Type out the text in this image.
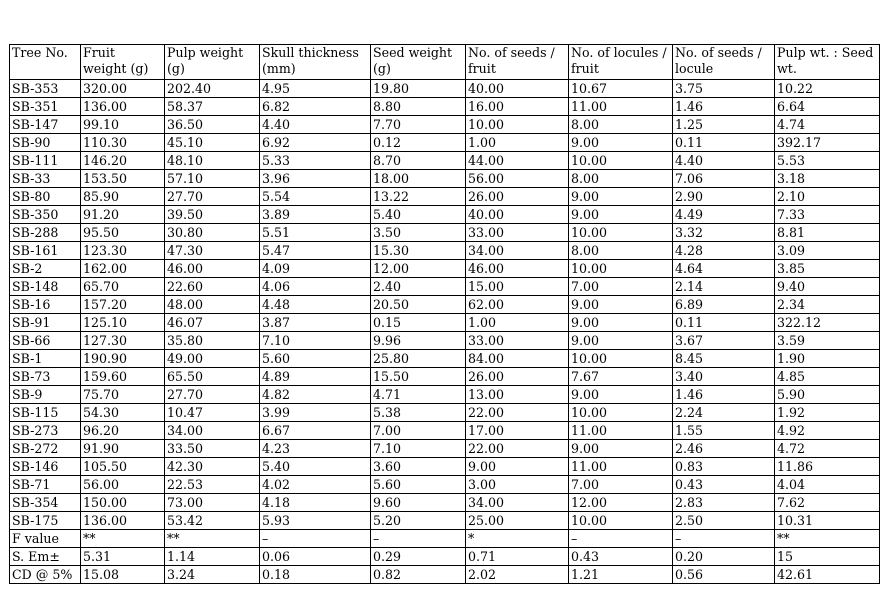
Tree No.	Fruit weight (g)	Pulp weight (g)	Skull thickness (mm)	Seed weight (g)	No. of seeds / fruit	No. of locules / fruit	No. of seeds / locule	Pulp wt. : Seed wt.
SB-353	320.00	202.40	4.95	19.80	40.00	10.67	3.75	10.22
SB-351	136.00	58.37	6.82	8.80	16.00	11.00	1.46	6.64
SB-147	99.10	36.50	4.40	7.70	10.00	8.00	1.25	4.74
SB-90	110.30	45.10	6.92	0.12	1.00	9.00	0.11	392.17
SB-111	146.20	48.10	5.33	8.70	44.00	10.00	4.40	5.53
SB-33	153.50	57.10	3.96	18.00	56.00	8.00	7.06	3.18
SB-80	85.90	27.70	5.54	13.22	26.00	9.00	2.90	2.10
SB-350	91.20	39.50	3.89	5.40	40.00	9.00	4.49	7.33
SB-288	95.50	30.80	5.51	3.50	33.00	10.00	3.32	8.81
SB-161	123.30	47.30	5.47	15.30	34.00	8.00	4.28	3.09
SB-2	162.00	46.00	4.09	12.00	46.00	10.00	4.64	3.85
SB-148	65.70	22.60	4.06	2.40	15.00	7.00	2.14	9.40
SB-16	157.20	48.00	4.48	20.50	62.00	9.00	6.89	2.34
SB-91	125.10	46.07	3.87	0.15	1.00	9.00	0.11	322.12
SB-66	127.30	35.80	7.10	9.96	33.00	9.00	3.67	3.59
SB-1	190.90	49.00	5.60	25.80	84.00	10.00	8.45	1.90
SB-73	159.60	65.50	4.89	15.50	26.00	7.67	3.40	4.85
SB-9	75.70	27.70	4.82	4.71	13.00	9.00	1.46	5.90
SB-115	54.30	10.47	3.99	5.38	22.00	10.00	2.24	1.92
SB-273	96.20	34.00	6.67	7.00	17.00	11.00	1.55	4.92
SB-272	91.90	33.50	4.23	7.10	22.00	9.00	2.46	4.72
SB-146	105.50	42.30	5.40	3.60	9.00	11.00	0.83	11.86
SB-71	56.00	22.53	4.02	5.60	3.00	7.00	0.43	4.04
SB-354	150.00	73.00	4.18	9.60	34.00	12.00	2.83	7.62
SB-175	136.00	53.42	5.93	5.20	25.00	10.00	2.50	10.31
F value	**	**	–	–	*	–	–	**
S. Em±	5.31	1.14	0.06	0.29	0.71	0.43	0.20	15
CD @ 5%	15.08	3.24	0.18	0.82	2.02	1.21	0.56	42.61
